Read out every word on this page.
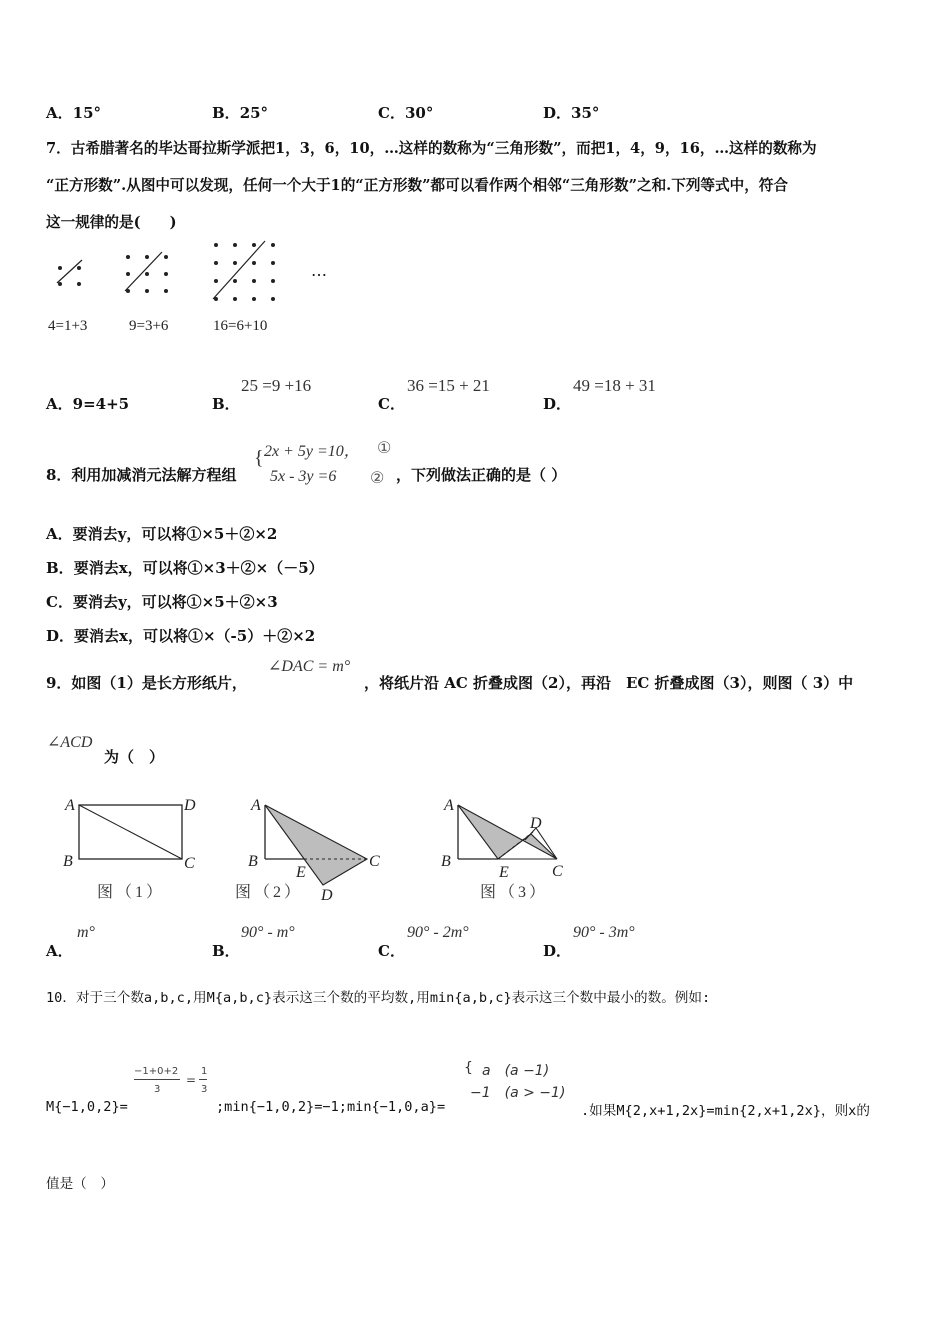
A．15°	B．25°	C．30°	D．35°
7．古希腊著名的毕达哥拉斯学派把1，3，6，10，…这样的数称为“三角形数”，而把1，4，9，16，…这样的数称为
“正方形数”.从图中可以发现，任何一个大于1的“正方形数”都可以看作两个相邻“三角形数”之和.下列等式中，符合
这一规律的是(　　)
…
4=1+3	9=3+6	16=6+10
A．9=4+5	B．
25 =9 +16
C．
36 =15 + 21
D．
49 =18 + 31
8．利用加减消元法解方程组
{ 2x + 5y =10， ①
5x - 3y =6 ② ，下列做法正确的是（ ）
A．要消去y，可以将①×5＋②×2
B．要消去x，可以将①×3＋②×（－5）
C．要消去y，可以将①×5＋②×3
D．要消去x，可以将①×（-5）＋②×2
9．如图（1）是长方形纸片，
∠DAC = m°
，将纸片沿 AC 折叠成图（2），再沿　EC 折叠成图（3），则图（ 3）中
∠ACD
为（　）
A	D
B	C
图（1）
A
B
E
C
D
图（2）
A
B
E	C
D
图（3）
A．
m°
B．
90° - m°
C．
90° - 2m°
D．
90° - 3m°
10．对于三个数a,b,c,用M{a,b,c}表示这三个数的平均数,用min{a,b,c}表示这三个数中最小的数。例如:
M{−1,0,2}=
−1+0+2
3
=
1
3
;min{−1,0,2}=−1;min{−1,0,a}=
{ a　(a −1)
−1　(a > −1)
.如果M{2,x+1,2x}=min{2,x+1,2x}，则x的
值是（　）
